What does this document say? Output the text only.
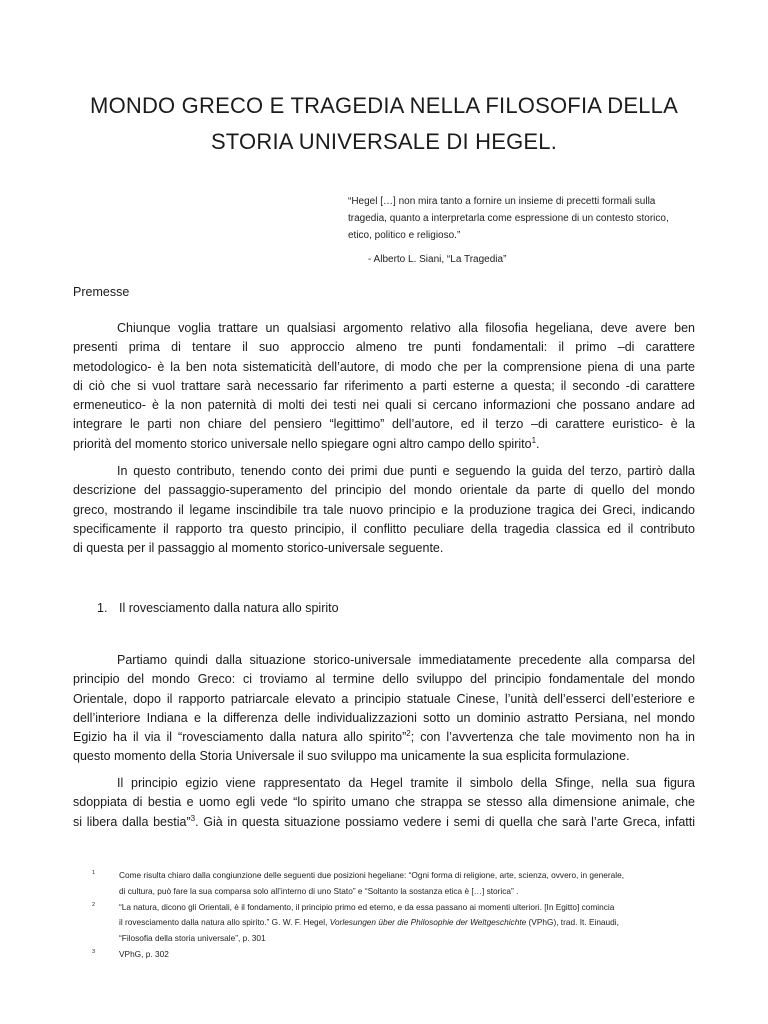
MONDO GRECO E TRAGEDIA NELLA FILOSOFIA DELLA
STORIA UNIVERSALE DI HEGEL.
“Hegel […] non mira tanto a fornire un insieme di precetti formali sulla
tragedia, quanto a interpretarla come espressione di un contesto storico,
etico, politico e religioso.”
- Alberto L. Siani, “La Tragedia”
Premesse
Chiunque voglia trattare un qualsiasi argomento relativo alla filosofia hegeliana, deve avere ben
presenti prima di tentare il suo approccio almeno tre punti fondamentali: il primo –di carattere
metodologico- è la ben nota sistematicità dell’autore, di modo che per la comprensione piena di una parte
di ciò che si vuol trattare sarà necessario far riferimento a parti esterne a questa; il secondo -di carattere
ermeneutico- è la non paternità di molti dei testi nei quali si cercano informazioni che possano andare ad
integrare le parti non chiare del pensiero “legittimo” dell’autore, ed il terzo –di carattere euristico- è la
priorità del momento storico universale nello spiegare ogni altro campo dello spirito$^1$.
In questo contributo, tenendo conto dei primi due punti e seguendo la guida del terzo, partirò dalla
descrizione del passaggio-superamento del principio del mondo orientale da parte di quello del mondo
greco, mostrando il legame inscindibile tra tale nuovo principio e la produzione tragica dei Greci, indicando
specificamente il rapporto tra questo principio, il conflitto peculiare della tragedia classica ed il contributo
di questa per il passaggio al momento storico-universale seguente.
1. Il rovesciamento dalla natura allo spirito
Partiamo quindi dalla situazione storico-universale immediatamente precedente alla comparsa del
principio del mondo Greco: ci troviamo al termine dello sviluppo del principio fondamentale del mondo
Orientale, dopo il rapporto patriarcale elevato a principio statuale Cinese, l’unità dell’esserci dell’esteriore e
dell’interiore Indiana e la differenza delle individualizzazioni sotto un dominio astratto Persiana, nel mondo
Egizio ha il via il “rovesciamento dalla natura allo spirito”$^2$; con l’avvertenza che tale movimento non ha in
questo momento della Storia Universale il suo sviluppo ma unicamente la sua esplicita formulazione.
Il principio egizio viene rappresentato da Hegel tramite il simbolo della Sfinge, nella sua figura
sdoppiata di bestia e uomo egli vede “lo spirito umano che strappa se stesso alla dimensione animale, che
si libera dalla bestia”$^3$. Già in questa situazione possiamo vedere i semi di quella che sarà l’arte Greca, infatti
1	Come risulta chiaro dalla congiunzione delle seguenti due posizioni hegeliane: “Ogni forma di religione, arte, scienza, ovvero, in generale,
di cultura, può fare la sua comparsa solo all’interno di uno Stato” e “Soltanto la sostanza etica è […] storica” .
2	“La natura, dicono gli Orientali, è il fondamento, il principio primo ed eterno, e da essa passano ai momenti ulteriori. [In Egitto] comincia
il rovesciamento dalla natura allo spirito.” G. W. F. Hegel, Vorlesungen über die Philosophie der Weltgeschichte (VPhG), trad. It. Einaudi,
“Filosofia della storia universale”, p. 301
3	VPhG, p. 302
